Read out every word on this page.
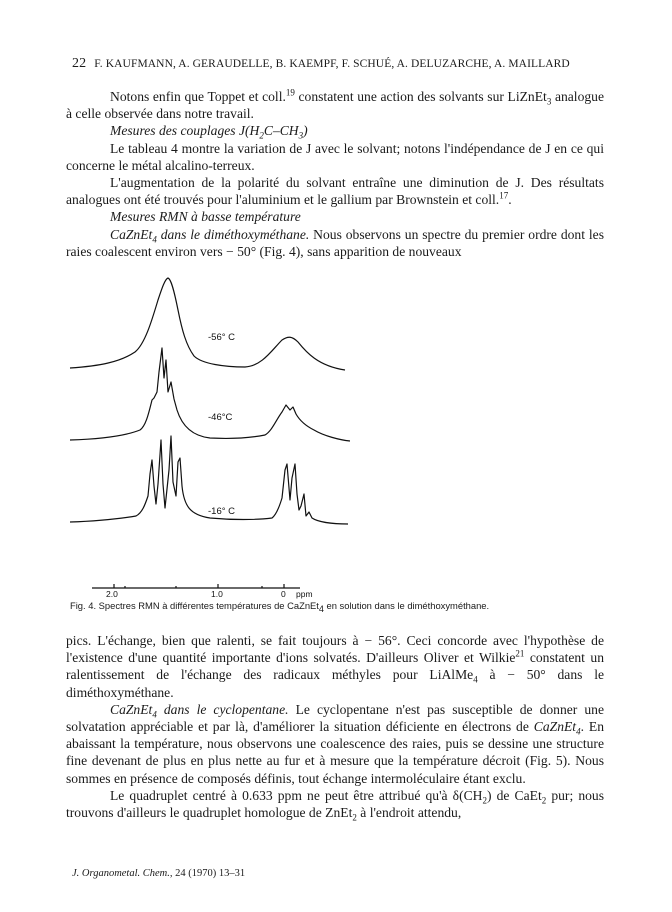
22 F. KAUFMANN, A. GERAUDELLE, B. KAEMPF, F. SCHUÉ, A. DELUZARCHE, A. MAILLARD

Notons enfin que Toppet et coll.$^{19}$ constatent une action des solvants sur LiZnEt$_3$ analogue à celle observée dans notre travail.

Mesures des couplages $J(H_2C-CH_3)$

Le tableau 4 montre la variation de J avec le solvant; notons l'indépendance de J en ce qui concerne le métal alcalino-terreux.

L'augmentation de la polarité du solvant entraîne une diminution de J. Des résultats analogues ont été trouvés pour l'aluminium et le gallium par Brownstein et coll.$^{17}$.

Mesures RMN à basse température

CaZnEt$_4$ dans le diméthoxyméthane. Nous observons un spectre du premier ordre dont les raies coalescent environ vers − 50° (Fig. 4), sans apparition de nouveaux

-56° C
-46°C
-16° C
2.0	1.0	0 ppm
Fig. 4. Spectres RMN à différentes températures de CaZnEt$_4$ en solution dans le diméthoxyméthane.

pics. L'échange, bien que ralenti, se fait toujours à − 56°. Ceci concorde avec l'hypothèse de l'existence d'une quantité importante d'ions solvatés. D'ailleurs Oliver et Wilkie$^{21}$ constatent un ralentissement de l'échange des radicaux méthyles pour LiAlMe$_4$ à − 50° dans le diméthoxyméthane.

CaZnEt$_4$ dans le cyclopentane. Le cyclopentane n'est pas susceptible de donner une solvatation appréciable et par là, d'améliorer la situation déficiente en électrons de CaZnEt$_4$. En abaissant la température, nous observons une coalescence des raies, puis se dessine une structure fine devenant de plus en plus nette au fur et à mesure que la température décroit (Fig. 5). Nous sommes en présence de composés définis, tout échange intermoléculaire étant exclu.

Le quadruplet centré à 0.633 ppm ne peut être attribué qu'à $\delta(CH_2)$ de CaEt$_2$ pur; nous trouvons d'ailleurs le quadruplet homologue de ZnEt$_2$ à l'endroit attendu,

J. Organometal. Chem., 24 (1970) 13–31
